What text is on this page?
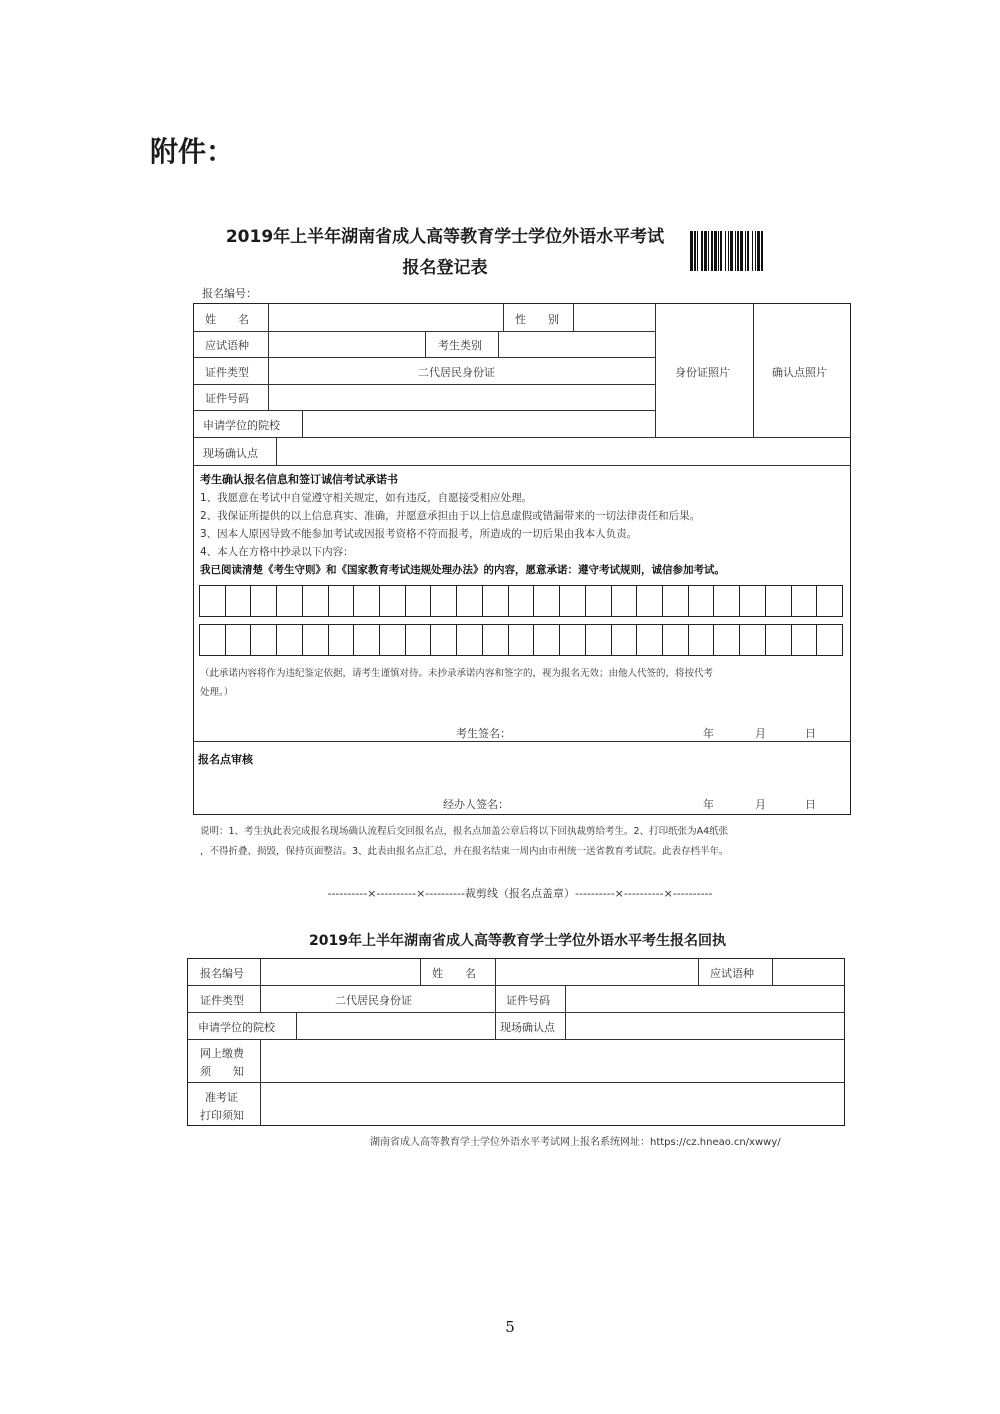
附件：
2019年上半年湖南省成人高等教育学士学位外语水平考试
报名登记表
报名编号：
姓　　名	性　　别
应试语种	考生类别
证件类型	二代居民身份证
证件号码
申请学位的院校
现场确认点
身份证照片	确认点照片
考生确认报名信息和签订诚信考试承诺书
1、我愿意在考试中自觉遵守相关规定，如有违反，自愿接受相应处理。
2、我保证所提供的以上信息真实、准确，并愿意承担由于以上信息虚假或错漏带来的一切法律责任和后果。
3、因本人原因导致不能参加考试或因报考资格不符而报考，所造成的一切后果由我本人负责。
4、本人在方格中抄录以下内容：
我已阅读清楚《考生守则》和《国家教育考试违规处理办法》的内容，愿意承诺：遵守考试规则，诚信参加考试。
（此承诺内容将作为违纪鉴定依据，请考生谨慎对待。未抄录承诺内容和签字的，视为报名无效；由他人代签的，将按代考
处理。）
考生签名：	年	月	日
报名点审核
经办人签名：	年	月	日
说明：1、考生执此表完成报名现场确认流程后交回报名点，报名点加盖公章后将以下回执裁剪给考生。2、打印纸张为A4纸张
，不得折叠、损毁，保持页面整洁。3、此表由报名点汇总，并在报名结束一周内由市州统一送省教育考试院。此表存档半年。
----------×----------×----------裁剪线（报名点盖章）----------×----------×----------
2019年上半年湖南省成人高等教育学士学位外语水平考生报名回执
报名编号	姓　　名	应试语种
证件类型	二代居民身份证	证件号码
申请学位的院校	现场确认点
网上缴费
须　　知
准考证
打印须知
湖南省成人高等教育学士学位外语水平考试网上报名系统网址：https://cz.hneao.cn/xwwy/
5
